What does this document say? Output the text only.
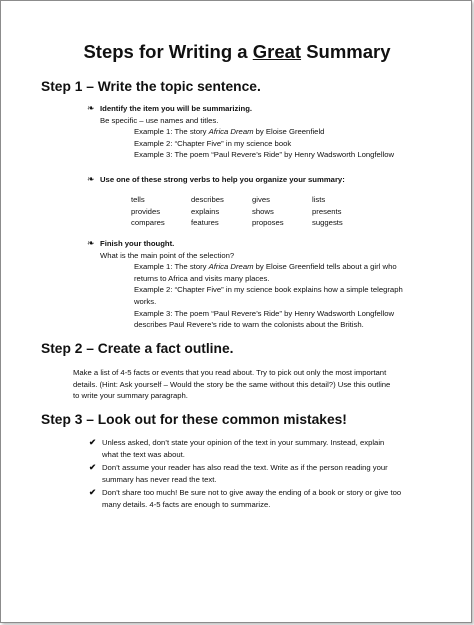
Steps for Writing a Great Summary
Step 1 – Write the topic sentence.
❧ Identify the item you will be summarizing.
Be specific – use names and titles.
Example 1: The story Africa Dream by Eloise Greenfield
Example 2: “Chapter Five” in my science book
Example 3: The poem “Paul Revere’s Ride” by Henry Wadsworth Longfellow
❧ Use one of these strong verbs to help you organize your summary:
tells	describes	gives	lists
provides	explains	shows	presents
compares	features	proposes	suggests
❧ Finish your thought.
What is the main point of the selection?
Example 1: The story Africa Dream by Eloise Greenfield tells about a girl who
returns to Africa and visits many places.
Example 2: “Chapter Five” in my science book explains how a simple telegraph
works.
Example 3: The poem “Paul Revere’s Ride” by Henry Wadsworth Longfellow
describes Paul Revere’s ride to warn the colonists about the British.
Step 2 – Create a fact outline.
Make a list of 4-5 facts or events that you read about. Try to pick out only the most important
details. (Hint: Ask yourself – Would the story be the same without this detail?) Use this outline
to write your summary paragraph.
Step 3 – Look out for these common mistakes!
✔ Unless asked, don’t state your opinion of the text in your summary. Instead, explain
what the text was about.
✔ Don’t assume your reader has also read the text. Write as if the person reading your
summary has never read the text.
✔ Don’t share too much! Be sure not to give away the ending of a book or story or give too
many details. 4-5 facts are enough to summarize.
